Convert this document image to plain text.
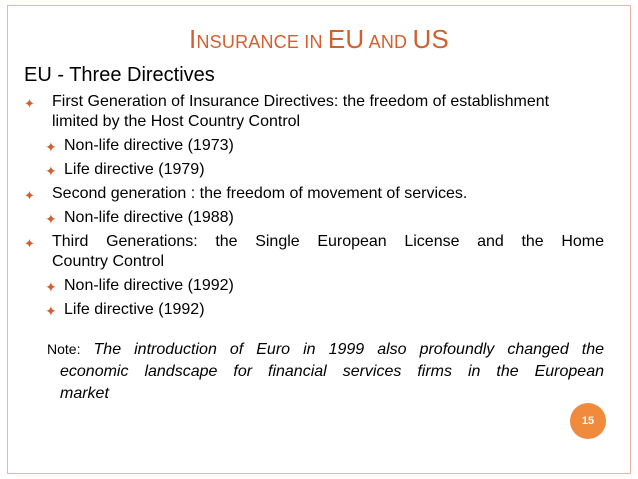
INSURANCE IN EU AND US
EU - Three Directives
✦ First Generation of Insurance Directives: the freedom of establishment
limited by the Host Country Control
✦ Non-life directive (1973)
✦ Life directive (1979)
✦ Second generation : the freedom of movement of services.
✦ Non-life directive (1988)
✦ Third Generations: the Single European License and the Home
Country Control
✦ Non-life directive (1992)
✦ Life directive (1992)
Note: The introduction of Euro in 1999 also profoundly changed the
economic landscape for financial services firms in the European
market
15
